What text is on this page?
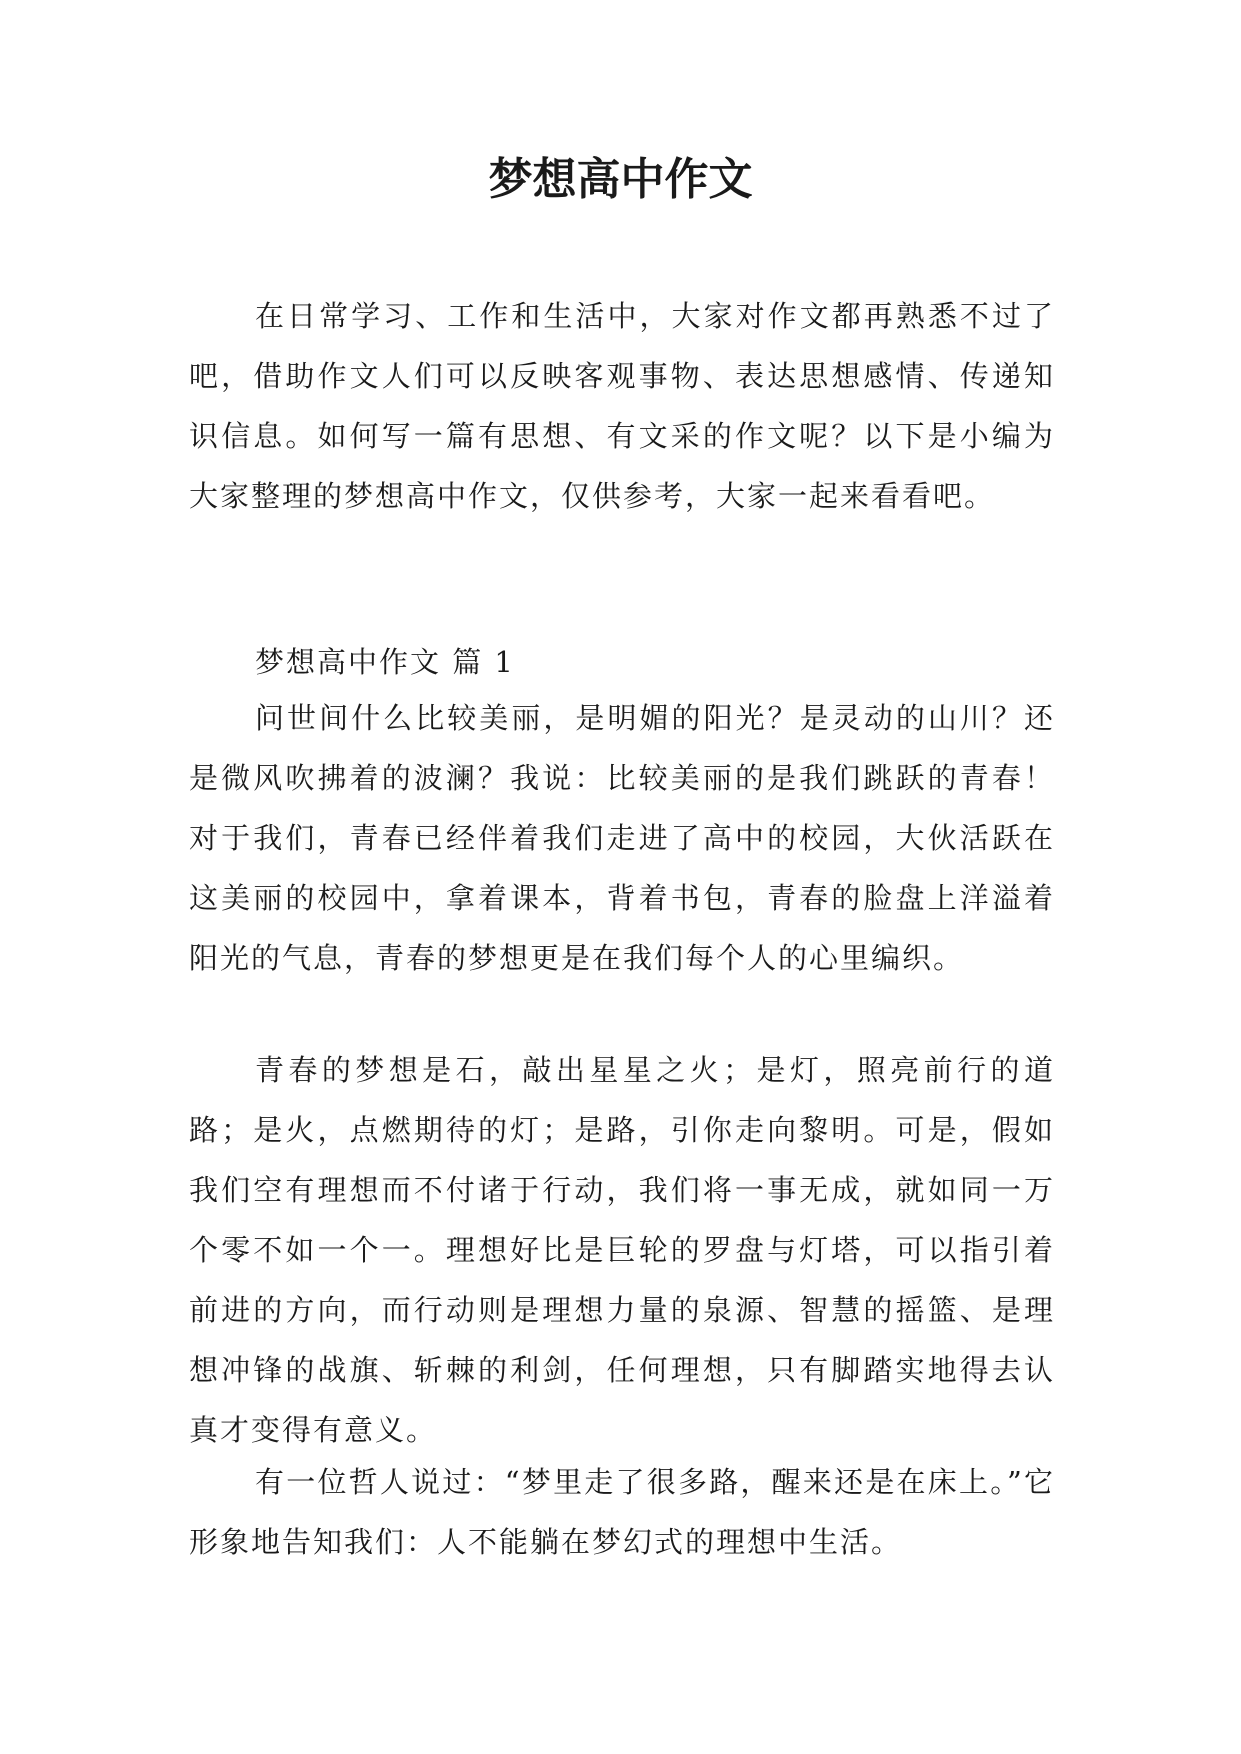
梦想高中作文

在日常学习、工作和生活中，大家对作文都再熟悉不过了吧，借助作文人们可以反映客观事物、表达思想感情、传递知识信息。如何写一篇有思想、有文采的作文呢？以下是小编为大家整理的梦想高中作文，仅供参考，大家一起来看看吧。

梦想高中作文 篇 1

问世间什么比较美丽，是明媚的阳光？是灵动的山川？还是微风吹拂着的波澜？我说：比较美丽的是我们跳跃的青春！对于我们，青春已经伴着我们走进了高中的校园，大伙活跃在这美丽的校园中，拿着课本，背着书包，青春的脸盘上洋溢着阳光的气息，青春的梦想更是在我们每个人的心里编织。

青春的梦想是石，敲出星星之火；是灯，照亮前行的道路；是火，点燃期待的灯；是路，引你走向黎明。可是，假如我们空有理想而不付诸于行动，我们将一事无成，就如同一万个零不如一个一。理想好比是巨轮的罗盘与灯塔，可以指引着前进的方向，而行动则是理想力量的泉源、智慧的摇篮、是理想冲锋的战旗、斩棘的利剑，任何理想，只有脚踏实地得去认真才变得有意义。

有一位哲人说过：“梦里走了很多路，醒来还是在床上。”它形象地告知我们：人不能躺在梦幻式的理想中生活。
